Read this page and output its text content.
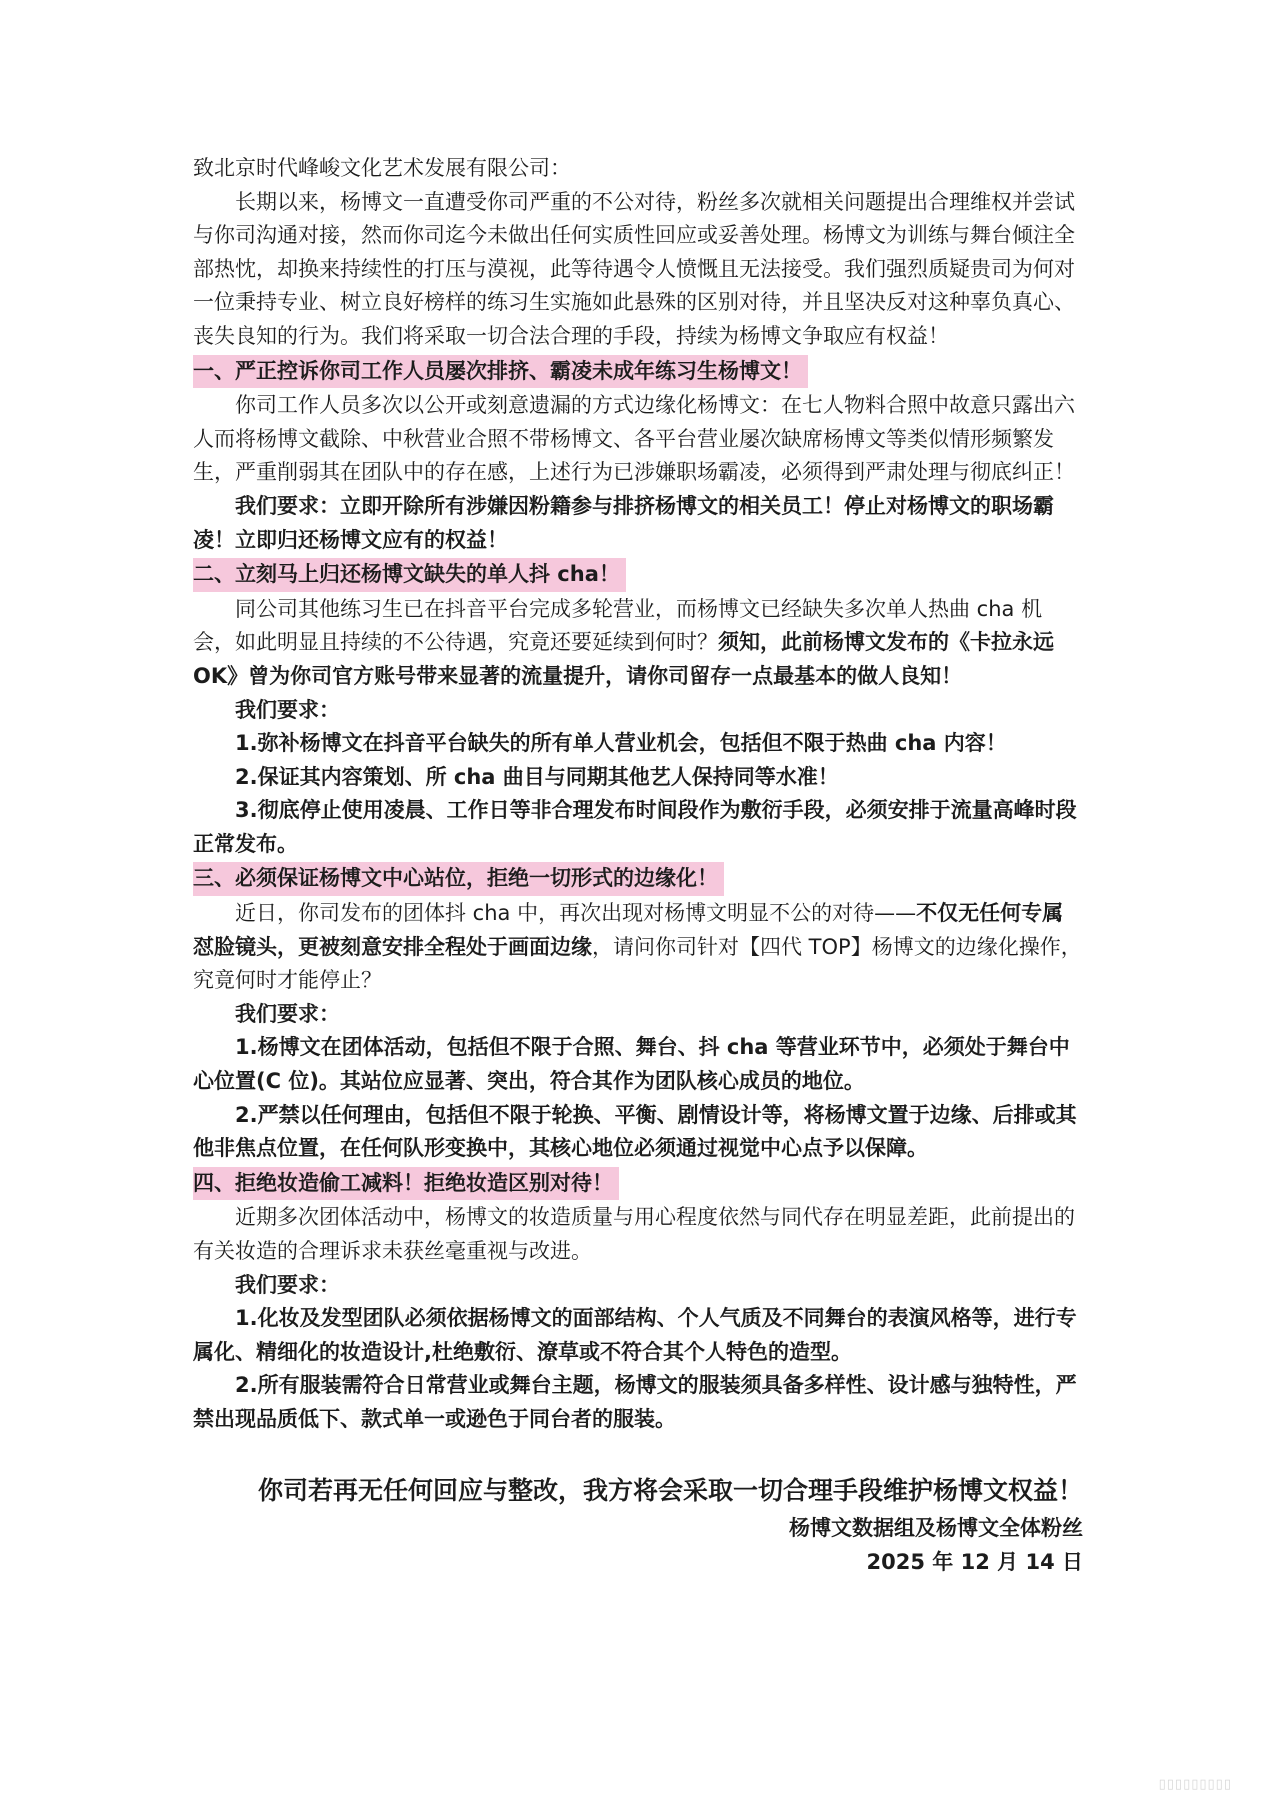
致北京时代峰峻文化艺术发展有限公司：

长期以来，杨博文一直遭受你司严重的不公对待，粉丝多次就相关问题提出合理维权并尝试与你司沟通对接，然而你司迄今未做出任何实质性回应或妥善处理。杨博文为训练与舞台倾注全部热忱，却换来持续性的打压与漠视，此等待遇令人愤慨且无法接受。我们强烈质疑贵司为何对一位秉持专业、树立良好榜样的练习生实施如此悬殊的区别对待，并且坚决反对这种辜负真心、丧失良知的行为。我们将采取一切合法合理的手段，持续为杨博文争取应有权益！

一、严正控诉你司工作人员屡次排挤、霸凌未成年练习生杨博文！

你司工作人员多次以公开或刻意遗漏的方式边缘化杨博文：在七人物料合照中故意只露出六人而将杨博文截除、中秋营业合照不带杨博文、各平台营业屡次缺席杨博文等类似情形频繁发生，严重削弱其在团队中的存在感，上述行为已涉嫌职场霸凌，必须得到严肃处理与彻底纠正！

我们要求：立即开除所有涉嫌因粉籍参与排挤杨博文的相关员工！停止对杨博文的职场霸凌！立即归还杨博文应有的权益！

二、立刻马上归还杨博文缺失的单人抖 cha！

同公司其他练习生已在抖音平台完成多轮营业，而杨博文已经缺失多次单人热曲 cha 机会，如此明显且持续的不公待遇，究竟还要延续到何时？须知，此前杨博文发布的《卡拉永远 OK》曾为你司官方账号带来显著的流量提升，请你司留存一点最基本的做人良知！

我们要求：

1.弥补杨博文在抖音平台缺失的所有单人营业机会，包括但不限于热曲 cha 内容！

2.保证其内容策划、所 cha 曲目与同期其他艺人保持同等水准！

3.彻底停止使用凌晨、工作日等非合理发布时间段作为敷衍手段，必须安排于流量高峰时段正常发布。

三、必须保证杨博文中心站位，拒绝一切形式的边缘化！

近日，你司发布的团体抖 cha 中，再次出现对杨博文明显不公的对待——不仅无任何专属怼脸镜头，更被刻意安排全程处于画面边缘，请问你司针对【四代 TOP】杨博文的边缘化操作，究竟何时才能停止？

我们要求：

1.杨博文在团体活动，包括但不限于合照、舞台、抖 cha 等营业环节中，必须处于舞台中心位置(C 位)。其站位应显著、突出，符合其作为团队核心成员的地位。

2.严禁以任何理由，包括但不限于轮换、平衡、剧情设计等，将杨博文置于边缘、后排或其他非焦点位置，在任何队形变换中，其核心地位必须通过视觉中心点予以保障。

四、拒绝妆造偷工减料！拒绝妆造区别对待！

近期多次团体活动中，杨博文的妆造质量与用心程度依然与同代存在明显差距，此前提出的有关妆造的合理诉求未获丝毫重视与改进。

我们要求：

1.化妆及发型团队必须依据杨博文的面部结构、个人气质及不同舞台的表演风格等，进行专属化、精细化的妆造设计,杜绝敷衍、潦草或不符合其个人特色的造型。

2.所有服装需符合日常营业或舞台主题，杨博文的服装须具备多样性、设计感与独特性，严禁出现品质低下、款式单一或逊色于同台者的服装。

你司若再无任何回应与整改，我方将会采取一切合理手段维护杨博文权益！
杨博文数据组及杨博文全体粉丝
2025 年 12 月 14 日
▯▯▯▯▯▯▯▯▯
